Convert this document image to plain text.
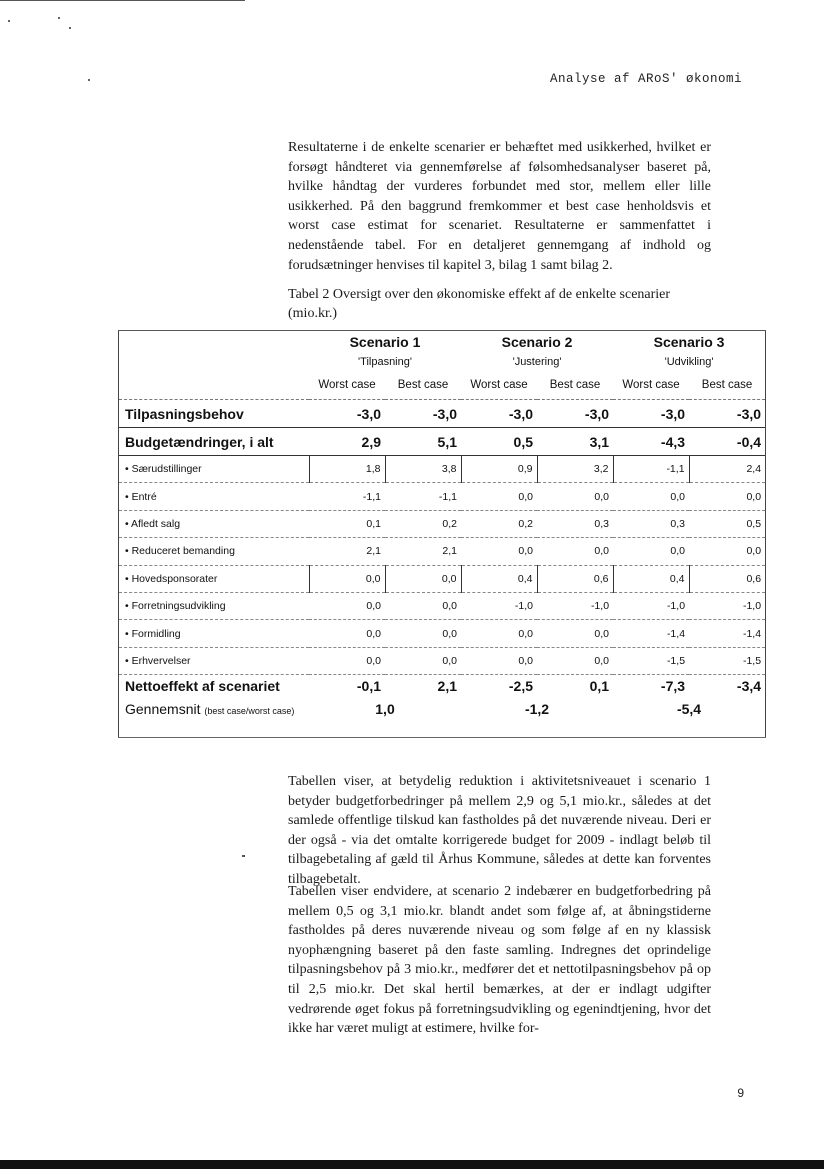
Analyse af ARoS' økonomi

Resultaterne i de enkelte scenarier er behæftet med usikkerhed, hvilket er forsøgt håndteret via gennemførelse af følsomhedsanalyser baseret på, hvilke håndtag der vurderes forbundet med stor, mellem eller lille usikkerhed. På den baggrund fremkommer et best case henholdsvis et worst case estimat for scenariet. Resultaterne er sammenfattet i nedenstående tabel. For en detaljeret gennemgang af indhold og forudsætninger henvises til kapitel 3, bilag 1 samt bilag 2.

Tabel 2 Oversigt over den økonomiske effekt af de enkelte scenarier (mio.kr.)

	Scenario 1		Scenario 2		Scenario 3	
	'Tilpasning'		'Justering'		'Udvikling'	
	Worst case	Best case	Worst case	Best case	Worst case	Best case
Tilpasningsbehov	-3,0	-3,0	-3,0	-3,0	-3,0	-3,0
Budgetændringer, i alt	2,9	5,1	0,5	3,1	-4,3	-0,4
• Særudstillinger	1,8	3,8	0,9	3,2	-1,1	2,4
• Entré	-1,1	-1,1	0,0	0,0	0,0	0,0
• Afledt salg	0,1	0,2	0,2	0,3	0,3	0,5
• Reduceret bemanding	2,1	2,1	0,0	0,0	0,0	0,0
• Hovedsponsorater	0,0	0,0	0,4	0,6	0,4	0,6
• Forretningsudvikling	0,0	0,0	-1,0	-1,0	-1,0	-1,0
• Formidling	0,0	0,0	0,0	0,0	-1,4	-1,4
• Erhvervelser	0,0	0,0	0,0	0,0	-1,5	-1,5
Nettoeffekt af scenariet	-0,1	2,1	-2,5	0,1	-7,3	-3,4
Gennemsnit (best case/worst case)	1,0		-1,2		-5,4	

Tabellen viser, at betydelig reduktion i aktivitetsniveauet i scenario 1 betyder budgetforbedringer på mellem 2,9 og 5,1 mio.kr., således at det samlede offentlige tilskud kan fastholdes på det nuværende niveau. Deri er der også - via det omtalte korrigerede budget for 2009 - indlagt beløb til tilbagebetaling af gæld til Århus Kommune, således at dette kan forventes tilbagebetalt.

Tabellen viser endvidere, at scenario 2 indebærer en budgetforbedring på mellem 0,5 og 3,1 mio.kr. blandt andet som følge af, at åbningstiderne fastholdes på deres nuværende niveau og som følge af en ny klassisk nyophængning baseret på den faste samling. Indregnes det oprindelige tilpasningsbehov på 3 mio.kr., medfører det et nettotilpasningsbehov på op til 2,5 mio.kr. Det skal hertil bemærkes, at der er indlagt udgifter vedrørende øget fokus på forretningsudvikling og egenindtjening, hvor det ikke har været muligt at estimere, hvilke for-

9
